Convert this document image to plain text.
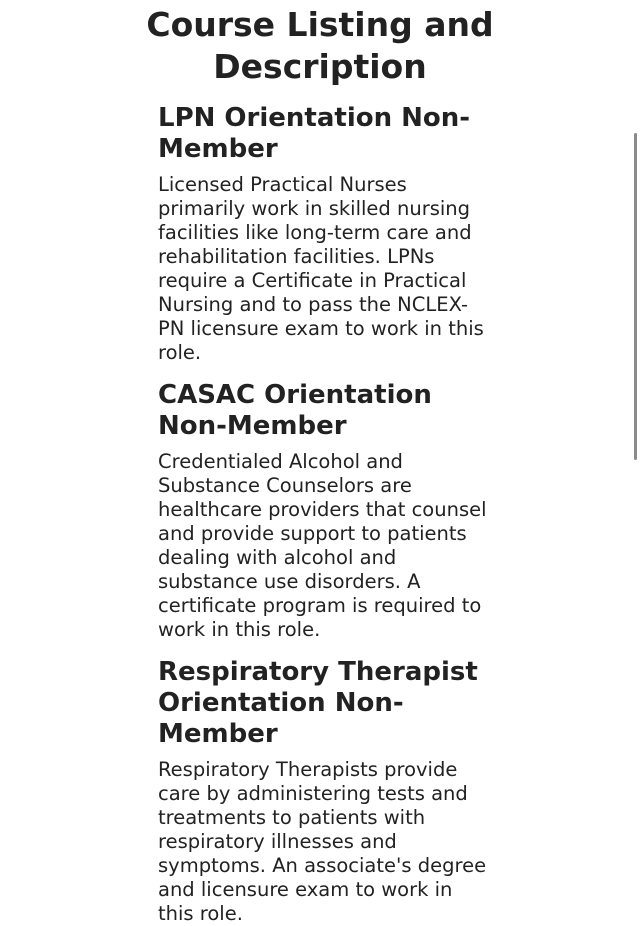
Course Listing and Description
LPN Orientation Non-Member

Licensed Practical Nurses primarily work in skilled nursing facilities like long-term care and rehabilitation facilities. LPNs require a Certificate in Practical Nursing and to pass the NCLEX-PN licensure exam to work in this role.

CASAC Orientation Non-Member

Credentialed Alcohol and Substance Counselors are healthcare providers that counsel and provide support to patients dealing with alcohol and substance use disorders. A certificate program is required to work in this role.

Respiratory Therapist Orientation Non-Member

Respiratory Therapists provide care by administering tests and treatments to patients with respiratory illnesses and symptoms. An associate's degree and licensure exam to work in this role.
